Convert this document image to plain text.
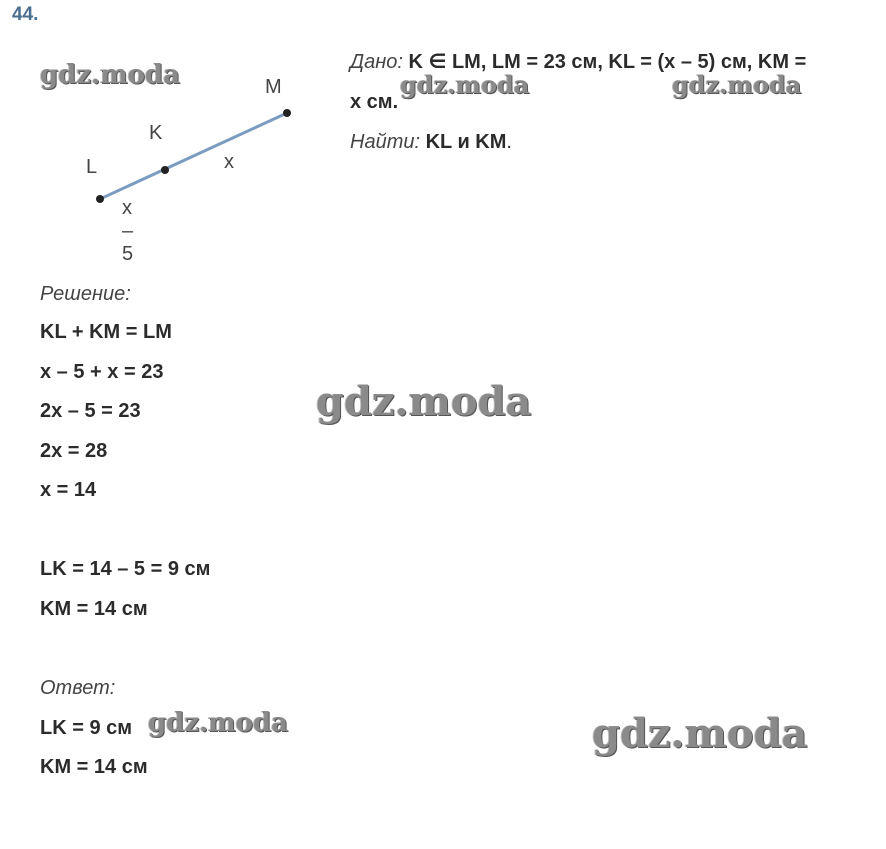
44.
L
K
M
x
x – 5
Дано: K ∈ LM, LM = 23 см, KL = (x – 5) см, KM =
x см.
Найти: KL и KM.
Решение:
KL + KM = LM
x – 5 + x = 23
2x – 5 = 23
2x = 28
x = 14
LK = 14 – 5 = 9 см
KM = 14 см
Ответ:
LK = 9 см
KM = 14 см
gdz.moda	gdz.moda	gdz.moda
gdz.moda
gdz.moda	gdz.moda
